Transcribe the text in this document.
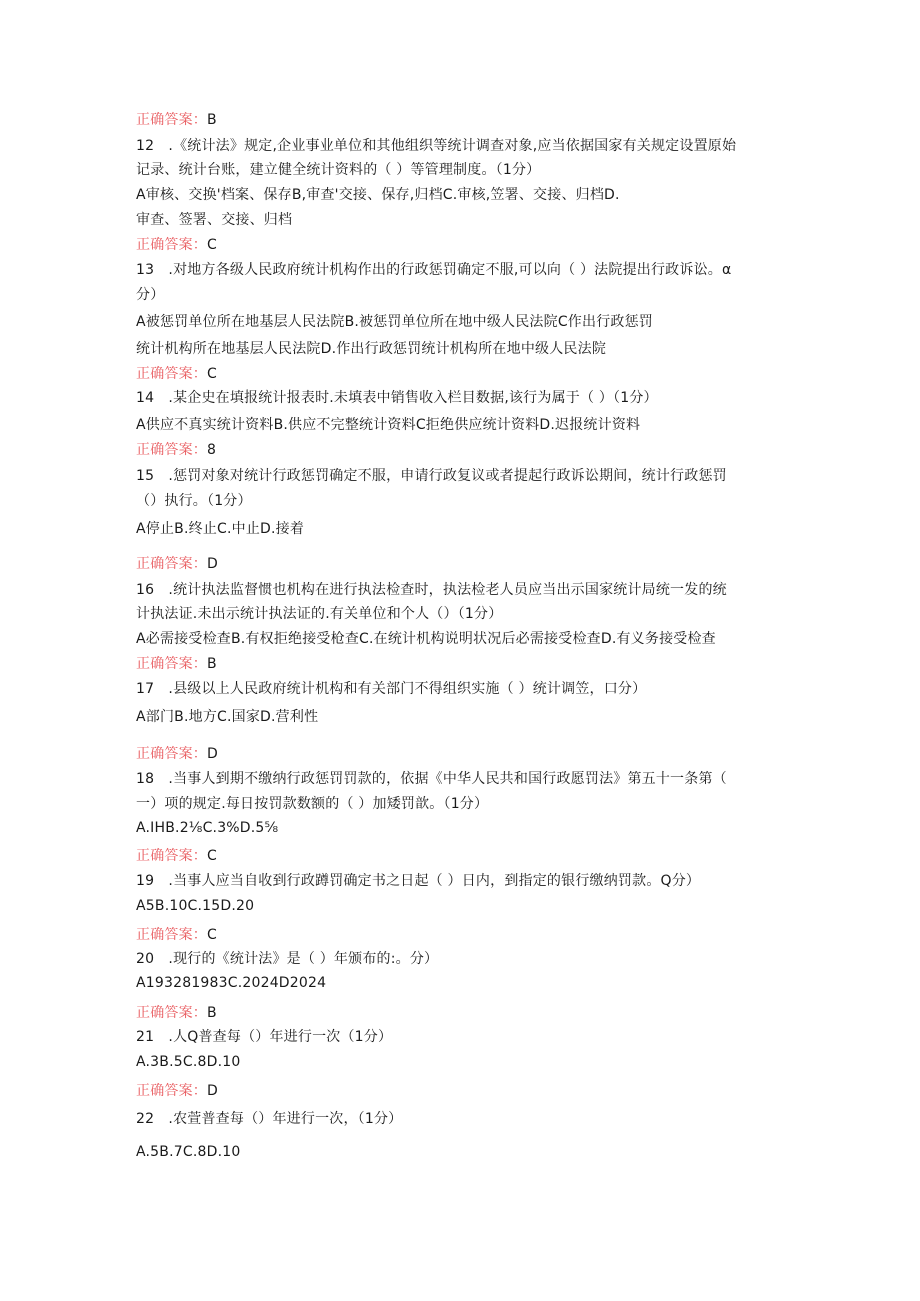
正确答案：B
12　.《统计法》规定,企业事业单位和其他组织等统计调查对象,应当依据国家有关规定设置原始
记录、统计台账，建立健全统计资料的（ ）等管理制度。（1分）
A审核、交换'档案、保存B,审查'交接、保存,归档C.审核,笠署、交接、归档D.
审查、签署、交接、归档
正确答案：C
13　.对地方各级人民政府统计机构作出的行政惩罚确定不服,可以向（ ）法院提出行政诉讼。α
分）
A被惩罚单位所在地基层人民法院B.被惩罚单位所在地中级人民法院C作出行政惩罚
统计机构所在地基层人民法院D.作出行政惩罚统计机构所在地中级人民法院
正确答案：C
14　.某企史在填报统计报表时.未填表中销售收入栏目数据,该行为属于（ ）（1分）
A供应不真实统计资料B.供应不完整统计资料C拒绝供应统计资料D.迟报统计资料
正确答案：8
15　.惩罚对象对统计行政惩罚确定不服，申请行政复议或者提起行政诉讼期间，统计行政惩罚
（）执行。（1分）
A停止B.终止C.中止D.接着
正确答案：D
16　.统计执法监督惯也机构在进行执法检查时，执法检老人员应当出示国家统计局统一发的统
计执法证.未出示统计执法证的.有关单位和个人（）（1分）
A必需接受检查B.有权拒绝接受枪查C.在统计机构说明状况后必需接受检查D.有义务接受检查
正确答案：B
17　.县级以上人民政府统计机构和有关部门不得组织实施（ ）统计调笠，口分）
A部门B.地方C.国家D.营利性
正确答案：D
18　.当事人到期不缴纳行政惩罚罚款的，依据《中华人民共和国行政愿罚法》第五十一条第（
一）项的规定.每日按罚款数额的（ ）加矮罚歆。（1分）
A.IHB.2⅛C.3%D.5⅝
正确答案：C
19　.当事人应当自收到行政蹲罚确定书之日起（ ）日内，到指定的银行缴纳罚款。Q分）
A5B.10C.15D.20
正确答案：C
20　.现行的《统计法》是（ ）年颁布的:。分）
A193281983C.2024D2024
正确答案：B
21　.人Q普查每（）年进行一次（1分）
A.3B.5C.8D.10
正确答案：D
22　.农萱普查每（）年进行一次，（1分）
A.5B.7C.8D.10
